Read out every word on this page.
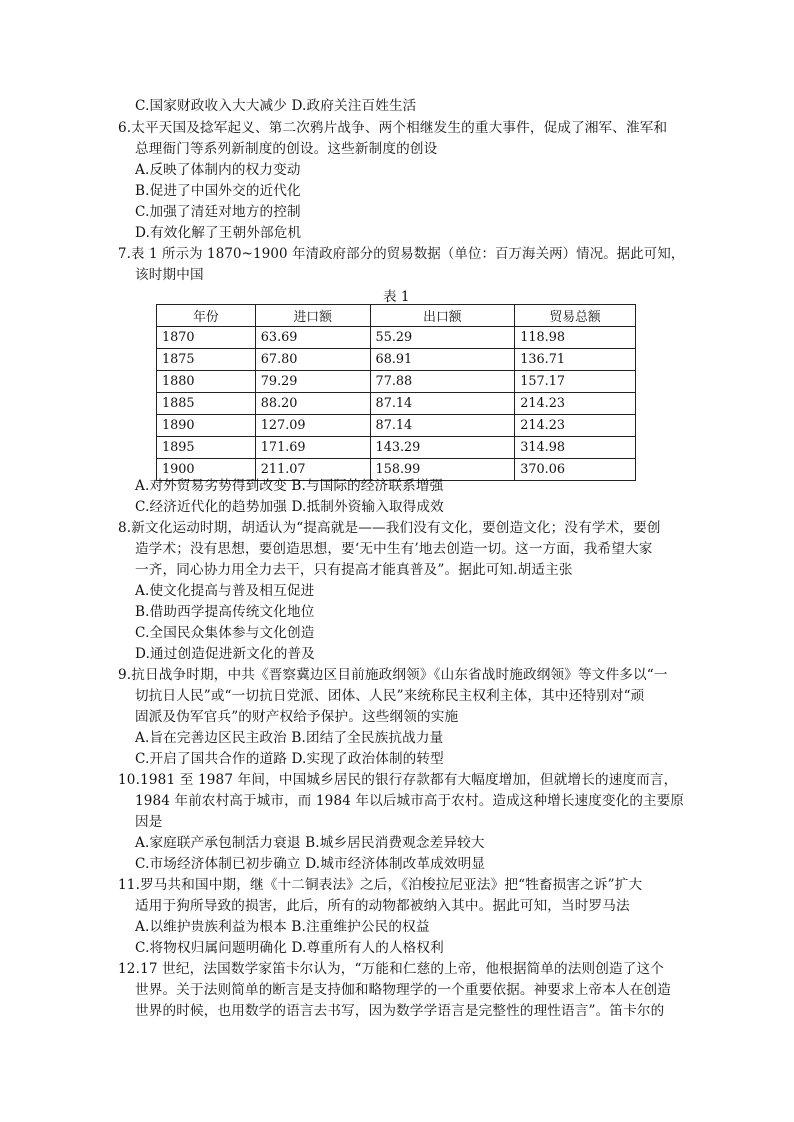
C.国家财政收入大大减少 D.政府关注百姓生活
6.太平天国及捻军起义、第二次鸦片战争、两个相继发生的重大事件，促成了湘军、淮军和
总理衙门等系列新制度的创设。这些新制度的创设
A.反映了体制内的权力变动
B.促进了中国外交的近代化
C.加强了清廷对地方的控制
D.有效化解了王朝外部危机
7.表 1 所示为 1870~1900 年清政府部分的贸易数据（单位：百万海关两）情况。据此可知，
该时期中国
表 1
年份	进口额	出口额	贸易总额
1870	63.69	55.29	118.98
1875	67.80	68.91	136.71
1880	79.29	77.88	157.17
1885	88.20	87.14	214.23
1890	127.09	87.14	214.23
1895	171.69	143.29	314.98
1900	211.07	158.99	370.06
A.对外贸易劣势得到改变 B.与国际的经济联系增强
C.经济近代化的趋势加强 D.抵制外资输入取得成效
8.新文化运动时期，胡适认为“提高就是——我们没有文化，要创造文化；没有学术，要创
造学术；没有思想，要创造思想，要‘无中生有’地去创造一切。这一方面，我希望大家
一齐，同心协力用全力去干，只有提高才能真普及”。据此可知.胡适主张
A.使文化提高与普及相互促进
B.借助西学提高传统文化地位
C.全国民众集体参与文化创造
D.通过创造促进新文化的普及
9.抗日战争时期，中共《晋察冀边区目前施政纲领》《山东省战时施政纲领》等文件多以“一
切抗日人民”或“一切抗日党派、团体、人民”来统称民主权利主体，其中还特别对“顽
固派及伪军官兵”的财产权给予保护。这些纲领的实施
A.旨在完善边区民主政治 B.团结了全民族抗战力量
C.开启了国共合作的道路 D.实现了政治体制的转型
10.1981 至 1987 年间，中国城乡居民的银行存款都有大幅度增加，但就增长的速度而言，
1984 年前农村高于城市，而 1984 年以后城市高于农村。造成这种增长速度变化的主要原
因是
A.家庭联产承包制活力衰退 B.城乡居民消费观念差异较大
C.市场经济体制已初步确立 D.城市经济体制改革成效明显
11.罗马共和国中期，继《十二铜表法》之后，《泊梭拉尼亚法》把“牲畜损害之诉”扩大
适用于狗所导致的损害，此后，所有的动物都被纳入其中。据此可知，当时罗马法
A.以维护贵族利益为根本 B.注重维护公民的权益
C.将物权归属问题明确化 D.尊重所有人的人格权利
12.17 世纪，法国数学家笛卡尔认为，“万能和仁慈的上帝，他根据简单的法则创造了这个
世界。关于法则简单的断言是支持伽和略物理学的一个重要依据。神要求上帝本人在创造
世界的时候，也用数学的语言去书写，因为数学学语言是完整性的理性语言”。笛卡尔的
